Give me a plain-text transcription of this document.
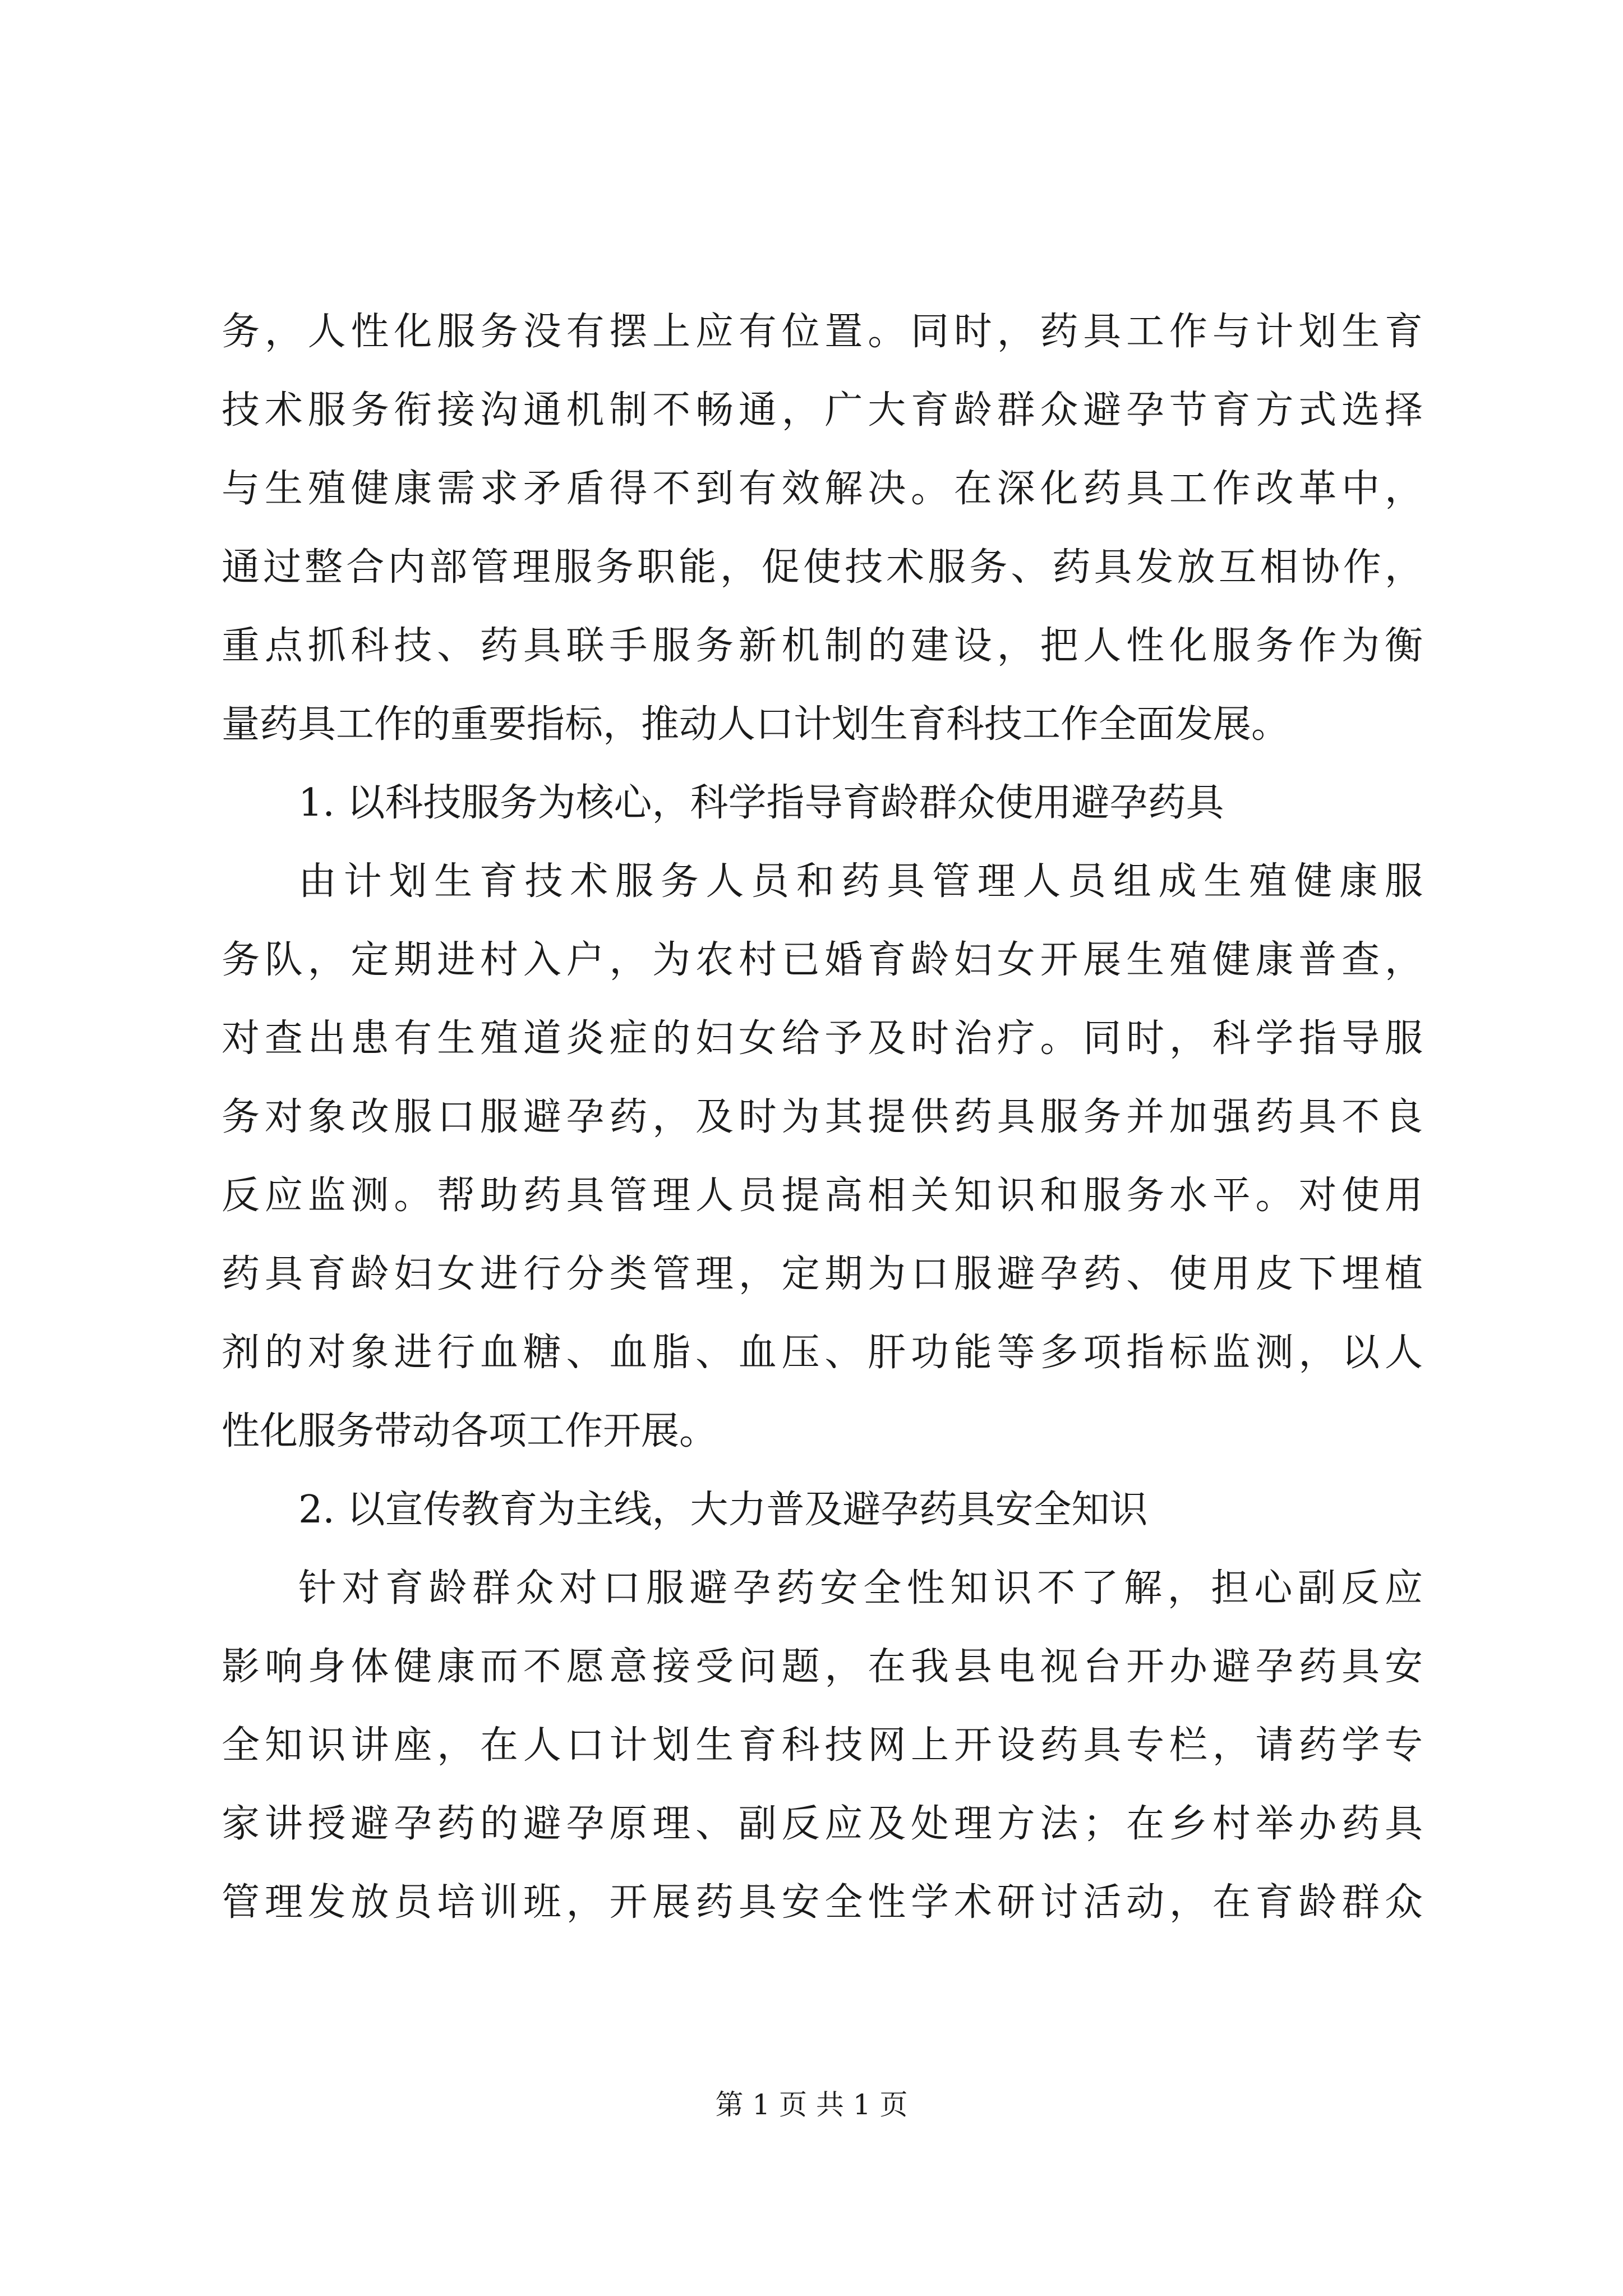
务，人性化服务没有摆上应有位置。同时，药具工作与计划生育
技术服务衔接沟通机制不畅通，广大育龄群众避孕节育方式选择
与生殖健康需求矛盾得不到有效解决。在深化药具工作改革中，
通过整合内部管理服务职能，促使技术服务、药具发放互相协作，
重点抓科技、药具联手服务新机制的建设，把人性化服务作为衡
量药具工作的重要指标，推动人口计划生育科技工作全面发展。
1. 以科技服务为核心，科学指导育龄群众使用避孕药具
由计划生育技术服务人员和药具管理人员组成生殖健康服
务队，定期进村入户，为农村已婚育龄妇女开展生殖健康普查，
对查出患有生殖道炎症的妇女给予及时治疗。同时，科学指导服
务对象改服口服避孕药，及时为其提供药具服务并加强药具不良
反应监测。帮助药具管理人员提高相关知识和服务水平。对使用
药具育龄妇女进行分类管理，定期为口服避孕药、使用皮下埋植
剂的对象进行血糖、血脂、血压、肝功能等多项指标监测，以人
性化服务带动各项工作开展。
2. 以宣传教育为主线，大力普及避孕药具安全知识
针对育龄群众对口服避孕药安全性知识不了解，担心副反应
影响身体健康而不愿意接受问题，在我县电视台开办避孕药具安
全知识讲座，在人口计划生育科技网上开设药具专栏，请药学专
家讲授避孕药的避孕原理、副反应及处理方法；在乡村举办药具
管理发放员培训班，开展药具安全性学术研讨活动，在育龄群众
第 1 页 共 1 页
